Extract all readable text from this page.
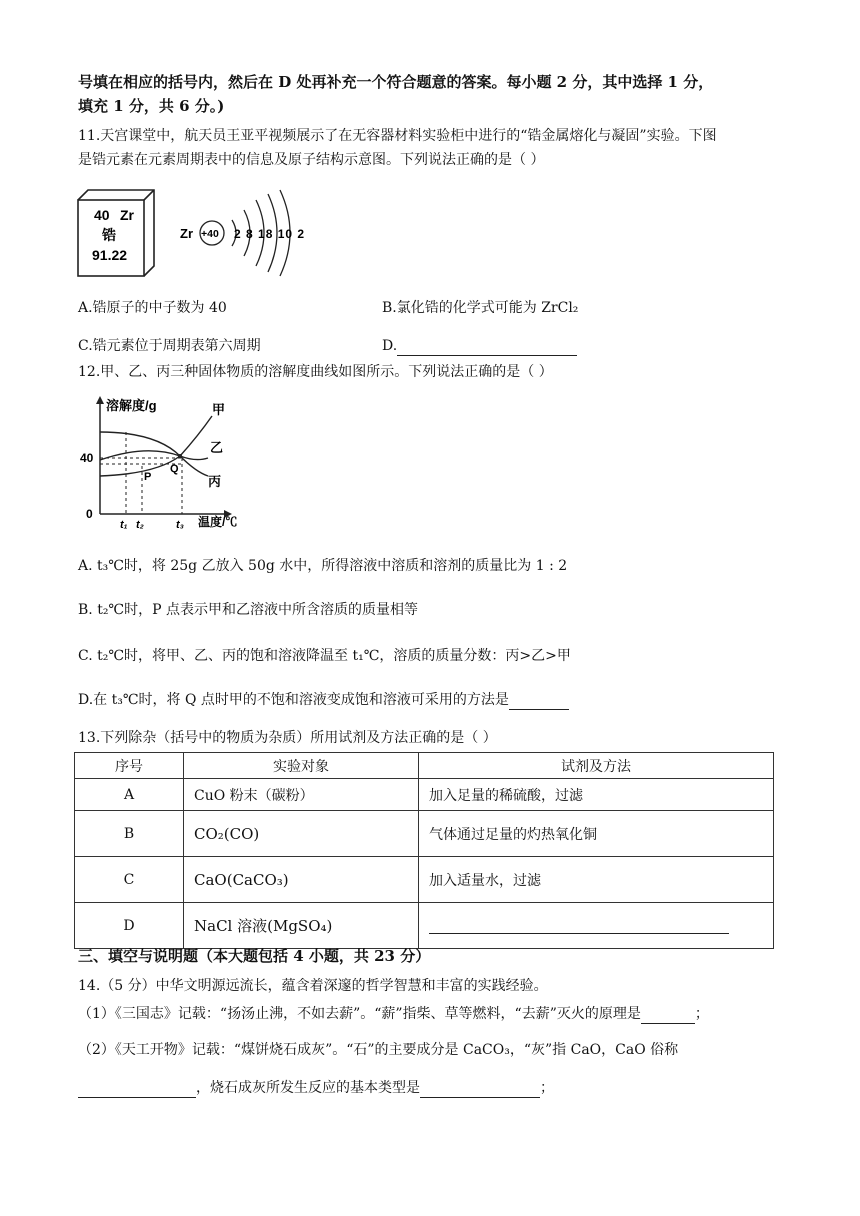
号填在相应的括号内，然后在 D 处再补充一个符合题意的答案。每小题 2 分，其中选择 1 分，
填充 1 分，共 6 分。)
11.天宫课堂中，航天员王亚平视频展示了在无容器材料实验柜中进行的“锆金属熔化与凝固”实验。下图
是锆元素在元素周期表中的信息及原子结构示意图。下列说法正确的是（ ）
40 Zr
锆
91.22
Zr +40 2 8 18 10 2
A.锆原子的中子数为 40	B.氯化锆的化学式可能为 ZrCl₂
C.锆元素位于周期表第六周期	D.
12.甲、乙、丙三种固体物质的溶解度曲线如图所示。下列说法正确的是（ ）
溶解度/g
温度/℃
0
40
甲
乙
丙
P
Q
t₁ t₂	t₃
A. t₃℃时，将 25g 乙放入 50g 水中，所得溶液中溶质和溶剂的质量比为 1 : 2
B. t₂℃时，P 点表示甲和乙溶液中所含溶质的质量相等
C. t₂℃时，将甲、乙、丙的饱和溶液降温至 t₁℃，溶质的质量分数：丙>乙>甲
D.在 t₃℃时，将 Q 点时甲的不饱和溶液变成饱和溶液可采用的方法是
13.下列除杂（括号中的物质为杂质）所用试剂及方法正确的是（ ）
序号	实验对象	试剂及方法
A	CuO 粉末（碳粉）	加入足量的稀硫酸，过滤
B	CO₂(CO)	气体通过足量的灼热氧化铜
C	CaO(CaCO₃)	加入适量水，过滤
D	NaCl 溶液(MgSO₄)	
三、填空与说明题（本大题包括 4 小题，共 23 分）
14.（5 分）中华文明源远流长，蕴含着深邃的哲学智慧和丰富的实践经验。
（1）《三国志》记载：“扬汤止沸，不如去薪”。“薪”指柴、草等燃料，“去薪”灭火的原理是	；
（2）《天工开物》记载：“煤饼烧石成灰”。“石”的主要成分是 CaCO₃，“灰”指 CaO，CaO 俗称
，烧石成灰所发生反应的基本类型是	；
